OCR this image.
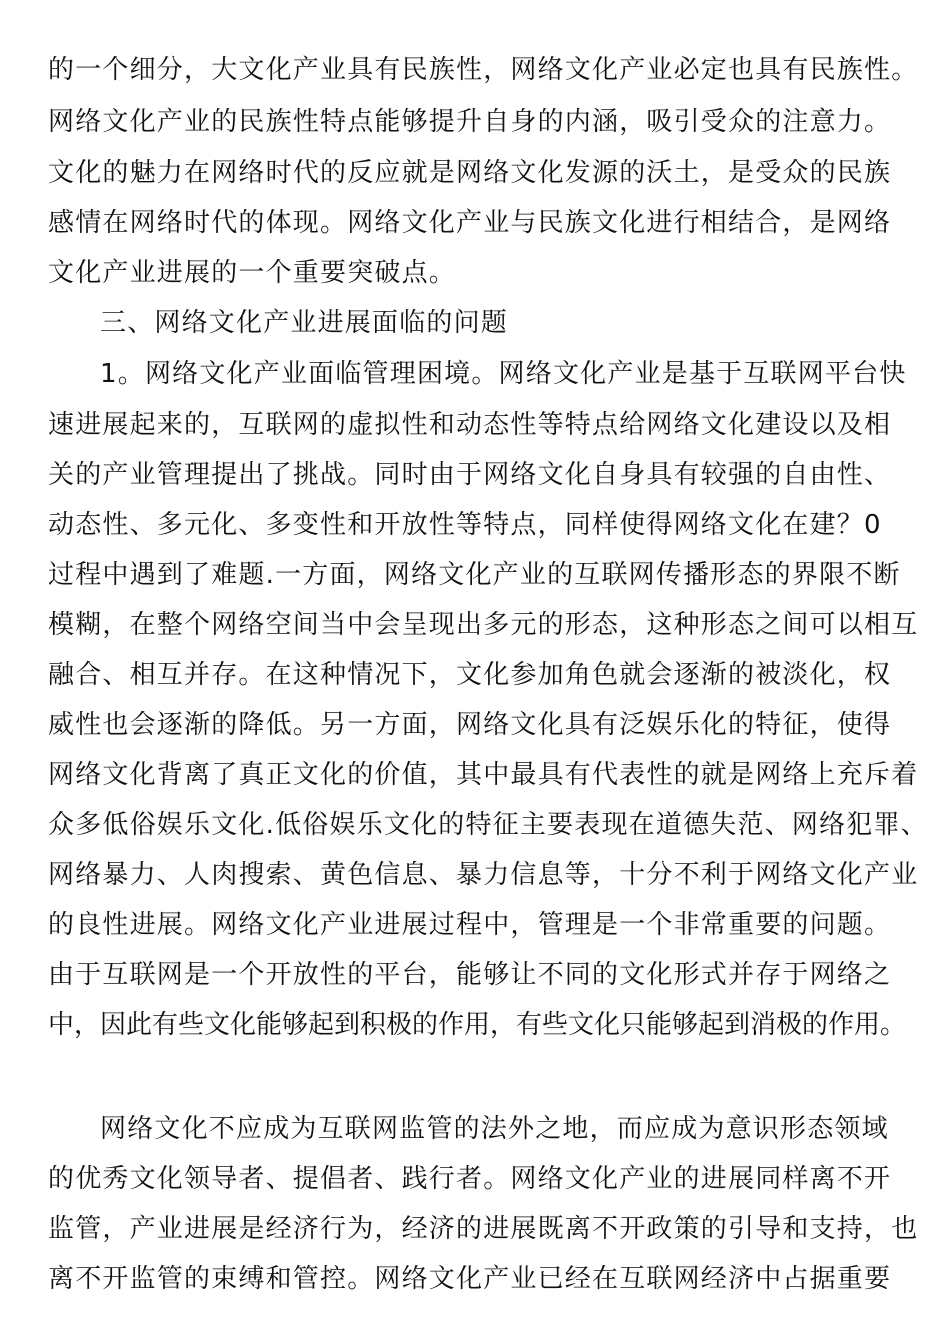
的一个细分，大文化产业具有民族性，网络文化产业必定也具有民族性。
网络文化产业的民族性特点能够提升自身的内涵，吸引受众的注意力。
文化的魅力在网络时代的反应就是网络文化发源的沃土，是受众的民族
感情在网络时代的体现。网络文化产业与民族文化进行相结合，是网络
文化产业进展的一个重要突破点。
三、网络文化产业进展面临的问题
1。网络文化产业面临管理困境。网络文化产业是基于互联网平台快
速进展起来的，互联网的虚拟性和动态性等特点给网络文化建设以及相
关的产业管理提出了挑战。同时由于网络文化自身具有较强的自由性、
动态性、多元化、多变性和开放性等特点，同样使得网络文化在建？0
过程中遇到了难题.一方面，网络文化产业的互联网传播形态的界限不断
模糊，在整个网络空间当中会呈现出多元的形态，这种形态之间可以相互
融合、相互并存。在这种情况下，文化参加角色就会逐渐的被淡化，权
威性也会逐渐的降低。另一方面，网络文化具有泛娱乐化的特征，使得
网络文化背离了真正文化的价值，其中最具有代表性的就是网络上充斥着
众多低俗娱乐文化.低俗娱乐文化的特征主要表现在道德失范、网络犯罪、
网络暴力、人肉搜索、黄色信息、暴力信息等，十分不利于网络文化产业
的良性进展。网络文化产业进展过程中，管理是一个非常重要的问题。
由于互联网是一个开放性的平台，能够让不同的文化形式并存于网络之
中，因此有些文化能够起到积极的作用，有些文化只能够起到消极的作用。
网络文化不应成为互联网监管的法外之地，而应成为意识形态领域
的优秀文化领导者、提倡者、践行者。网络文化产业的进展同样离不开
监管，产业进展是经济行为，经济的进展既离不开政策的引导和支持，也
离不开监管的束缚和管控。网络文化产业已经在互联网经济中占据重要
